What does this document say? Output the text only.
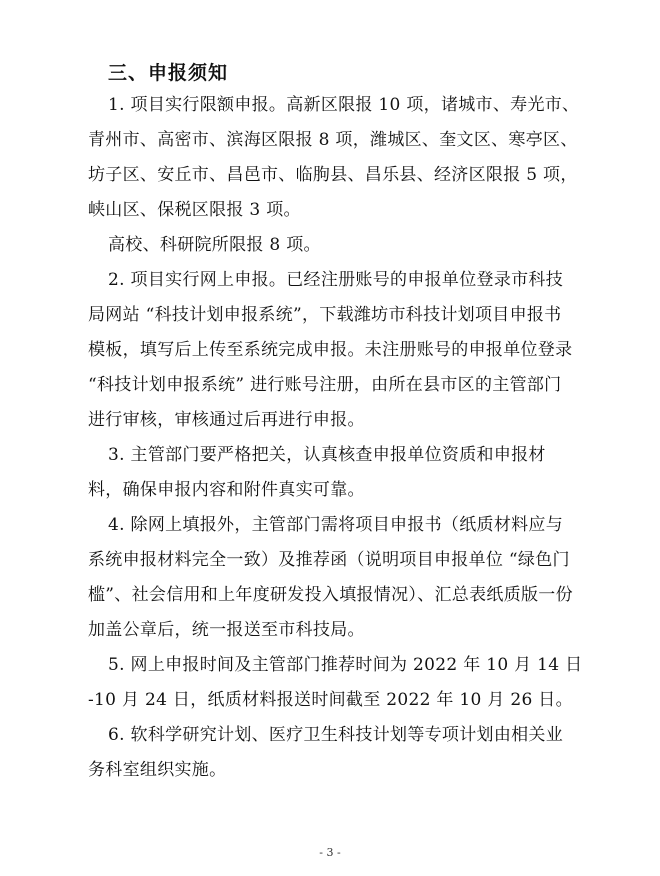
三、申报须知
1. 项目实行限额申报。高新区限报 10 项，诸城市、寿光市、
青州市、高密市、滨海区限报 8 项，潍城区、奎文区、寒亭区、
坊子区、安丘市、昌邑市、临朐县、昌乐县、经济区限报 5 项，
峡山区、保税区限报 3 项。
高校、科研院所限报 8 项。
2. 项目实行网上申报。已经注册账号的申报单位登录市科技
局网站 “科技计划申报系统”，下载潍坊市科技计划项目申报书
模板，填写后上传至系统完成申报。未注册账号的申报单位登录
“科技计划申报系统” 进行账号注册，由所在县市区的主管部门
进行审核，审核通过后再进行申报。
3. 主管部门要严格把关，认真核查申报单位资质和申报材
料，确保申报内容和附件真实可靠。
4. 除网上填报外，主管部门需将项目申报书（纸质材料应与
系统申报材料完全一致）及推荐函（说明项目申报单位 “绿色门
槛”、社会信用和上年度研发投入填报情况）、汇总表纸质版一份
加盖公章后，统一报送至市科技局。
5. 网上申报时间及主管部门推荐时间为 2022 年 10 月 14 日
-10 月 24 日，纸质材料报送时间截至 2022 年 10 月 26 日。
6. 软科学研究计划、医疗卫生科技计划等专项计划由相关业
务科室组织实施。
- 3 -
